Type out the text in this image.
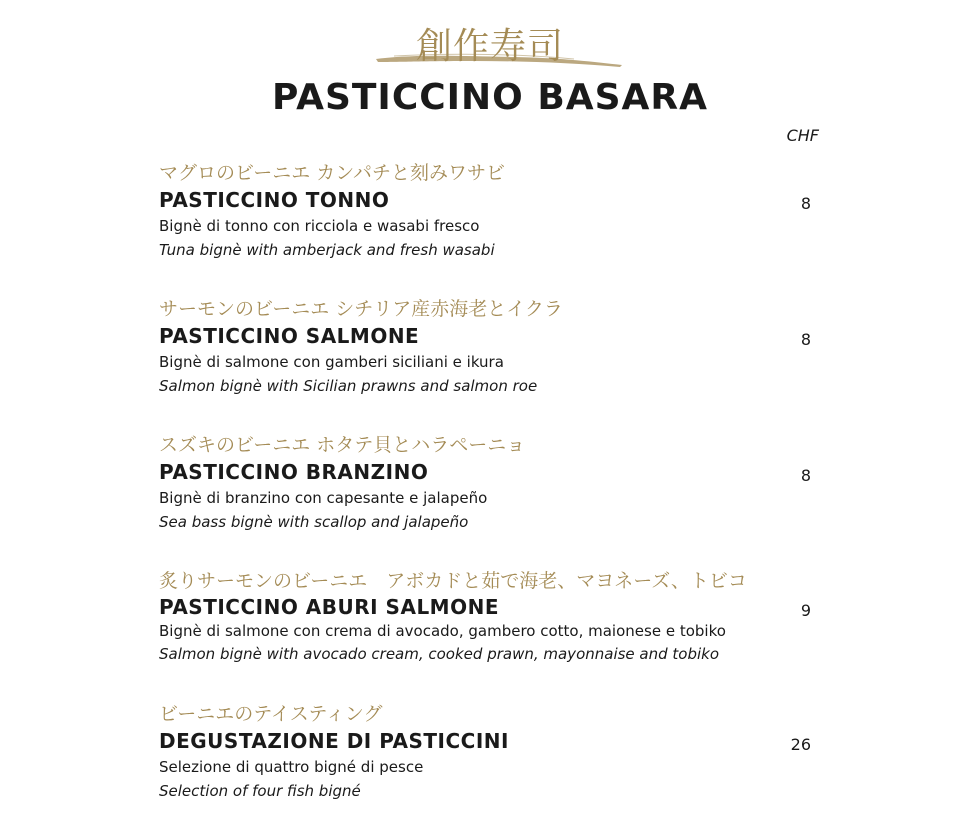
創作寿司
PASTICCINO BASARA
CHF
マグロのビーニエ カンパチと刻みワサビ
PASTICCINO TONNO
Bignè di tonno con ricciola e wasabi fresco
Tuna bignè with amberjack and fresh wasabi
8
サーモンのビーニエ シチリア産赤海老とイクラ
PASTICCINO SALMONE
Bignè di salmone con gamberi siciliani e ikura
Salmon bignè with Sicilian prawns and salmon roe
8
スズキのビーニエ ホタテ貝とハラペーニョ
PASTICCINO BRANZINO
Bignè di branzino con capesante e jalapeño
Sea bass bignè with scallop and jalapeño
8
炙りサーモンのビーニエ　アボカドと茹で海老、マヨネーズ、トビコ
PASTICCINO ABURI SALMONE
Bignè di salmone con crema di avocado, gambero cotto, maionese e tobiko
Salmon bignè with avocado cream, cooked prawn, mayonnaise and tobiko
9
ビーニエのテイスティング
DEGUSTAZIONE DI PASTICCINI
Selezione di quattro bigné di pesce
Selection of four fish bigné
26
